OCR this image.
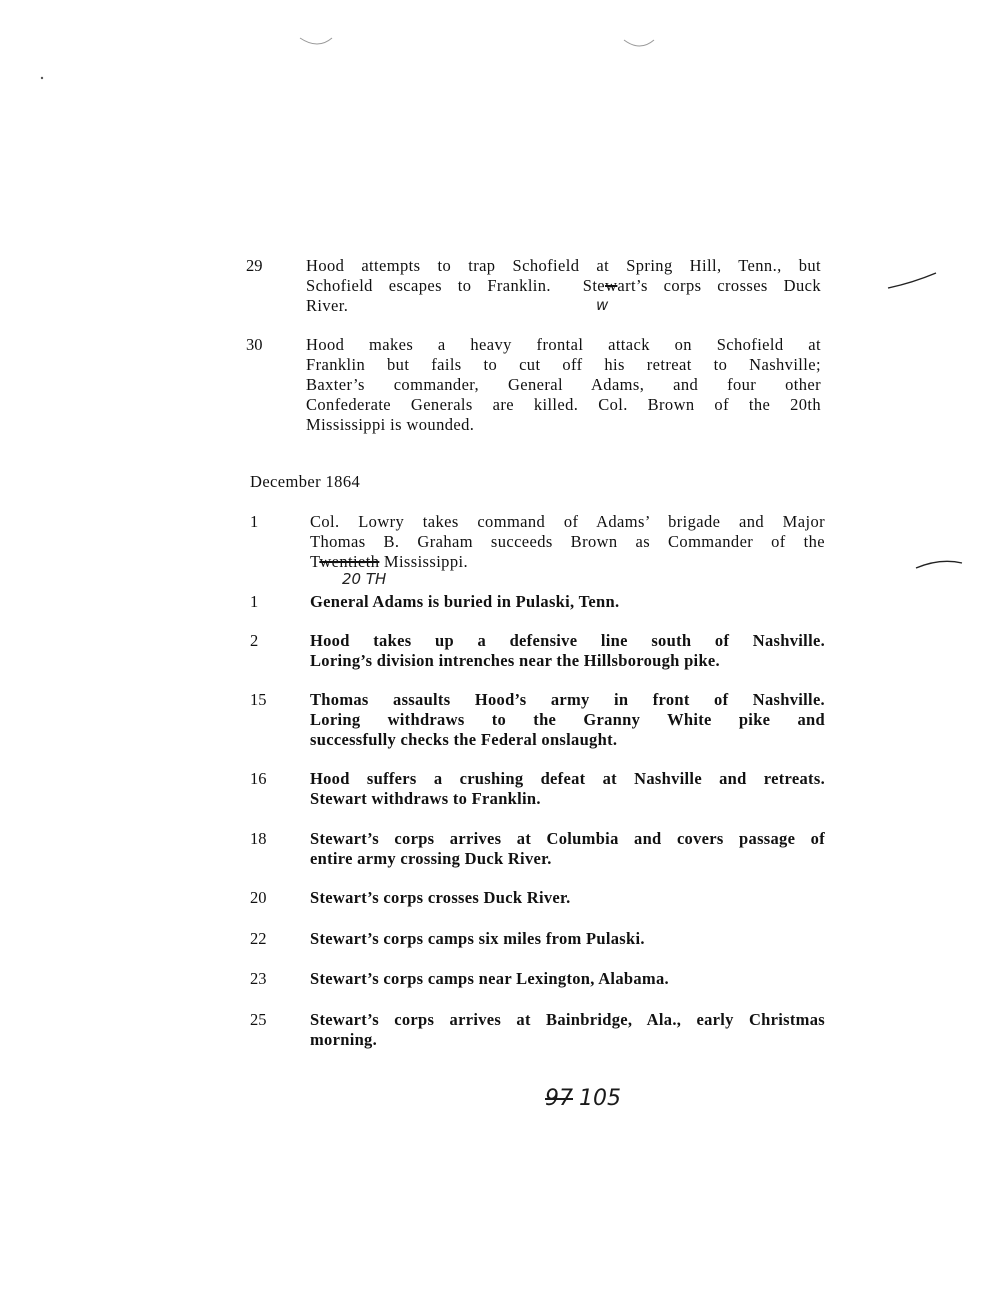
29	Hood attempts to trap Schofield at Spring Hill, Tenn., but
Schofield escapes to Franklin. Stewart’s corps crosses Duck
River.	w
30	Hood makes a heavy frontal attack on Schofield at
Franklin but fails to cut off his retreat to Nashville;
Baxter’s commander, General Adams, and four other
Confederate Generals are killed. Col. Brown of the 20th
Mississippi is wounded.
December 1864
1	Col. Lowry takes command of Adams’ brigade and Major
Thomas B. Graham succeeds Brown as Commander of the
Twentieth Mississippi.
20 TH
1	General Adams is buried in Pulaski, Tenn.
2	Hood takes up a defensive line south of Nashville.
Loring’s division intrenches near the Hillsborough pike.
15	Thomas assaults Hood’s army in front of Nashville.
Loring withdraws to the Granny White pike and
successfully checks the Federal onslaught.
16	Hood suffers a crushing defeat at Nashville and retreats.
Stewart withdraws to Franklin.
18	Stewart’s corps arrives at Columbia and covers passage of
entire army crossing Duck River.
20	Stewart’s corps crosses Duck River.
22	Stewart’s corps camps six miles from Pulaski.
23	Stewart’s corps camps near Lexington, Alabama.
25	Stewart’s corps arrives at Bainbridge, Ala., early Christmas
morning.
97 105
